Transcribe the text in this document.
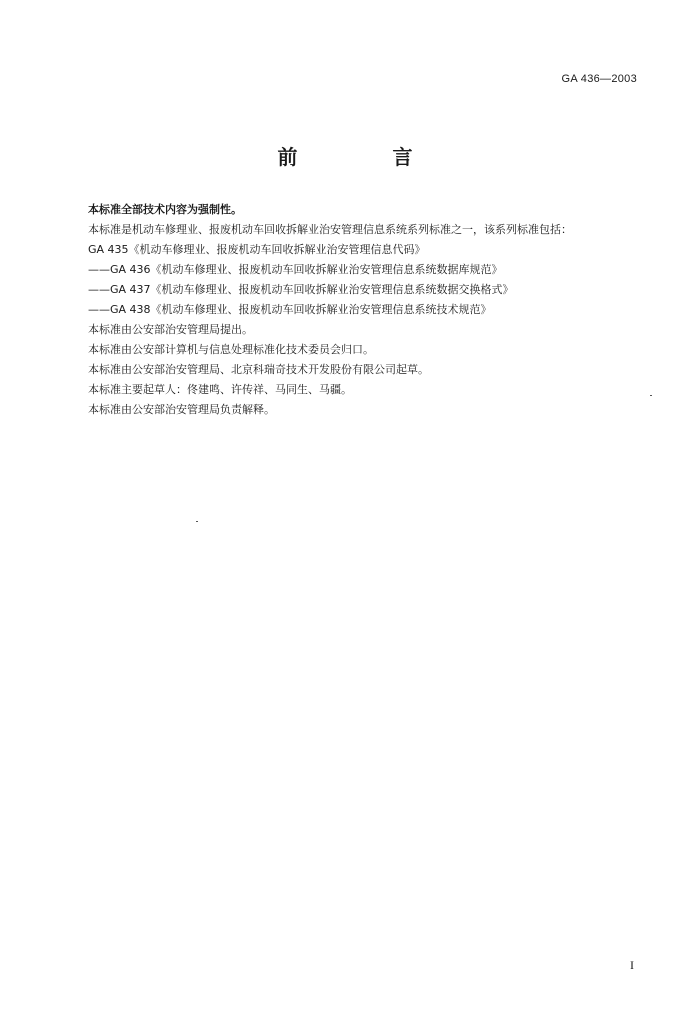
GA 436—2003
前 言

本标准全部技术内容为强制性。

本标准是机动车修理业、报废机动车回收拆解业治安管理信息系统系列标准之一，该系列标准包括：

GA 435《机动车修理业、报废机动车回收拆解业治安管理信息代码》

——GA 436《机动车修理业、报废机动车回收拆解业治安管理信息系统数据库规范》

——GA 437《机动车修理业、报废机动车回收拆解业治安管理信息系统数据交换格式》

——GA 438《机动车修理业、报废机动车回收拆解业治安管理信息系统技术规范》

本标准由公安部治安管理局提出。

本标准由公安部计算机与信息处理标准化技术委员会归口。

本标准由公安部治安管理局、北京科瑞奇技术开发股份有限公司起草。

本标准主要起草人：佟建鸣、许传祥、马同生、马疆。

本标准由公安部治安管理局负责解释。

I
